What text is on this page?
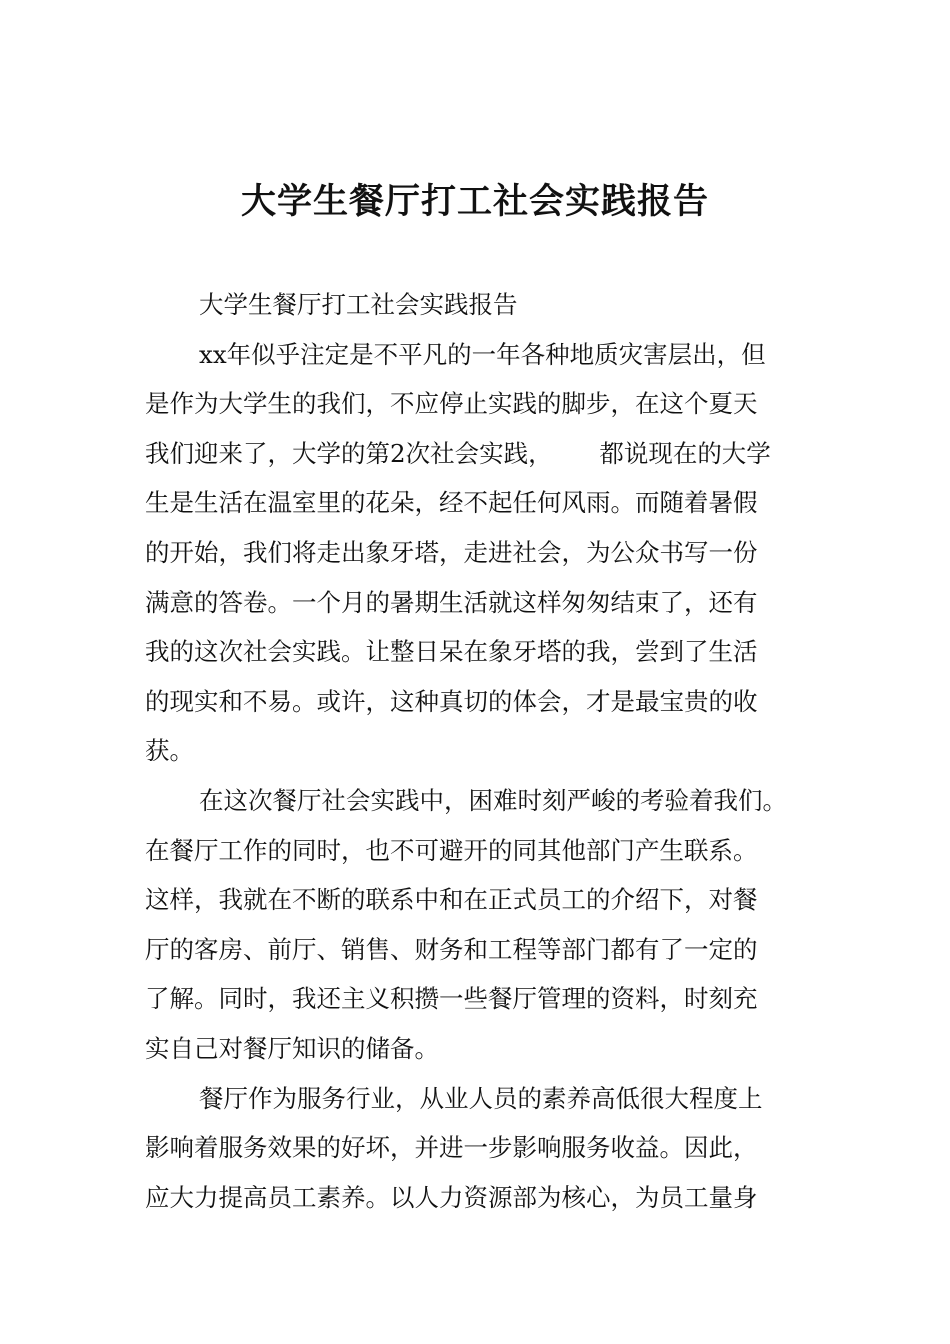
大学生餐厅打工社会实践报告
大学生餐厅打工社会实践报告
xx年似乎注定是不平凡的一年各种地质灾害层出，但
是作为大学生的我们，不应停止实践的脚步，在这个夏天
我们迎来了，大学的第2次社会实践，      都说现在的大学
生是生活在温室里的花朵，经不起任何风雨。而随着暑假
的开始，我们将走出象牙塔，走进社会，为公众书写一份
满意的答卷。一个月的暑期生活就这样匆匆结束了，还有
我的这次社会实践。让整日呆在象牙塔的我，尝到了生活
的现实和不易。或许，这种真切的体会，才是最宝贵的收
获。
在这次餐厅社会实践中，困难时刻严峻的考验着我们。
在餐厅工作的同时，也不可避开的同其他部门产生联系。
这样，我就在不断的联系中和在正式员工的介绍下，对餐
厅的客房、前厅、销售、财务和工程等部门都有了一定的
了解。同时，我还主义积攒一些餐厅管理的资料，时刻充
实自己对餐厅知识的储备。
餐厅作为服务行业，从业人员的素养高低很大程度上
影响着服务效果的好坏，并进一步影响服务收益。因此，
应大力提高员工素养。以人力资源部为核心，为员工量身
